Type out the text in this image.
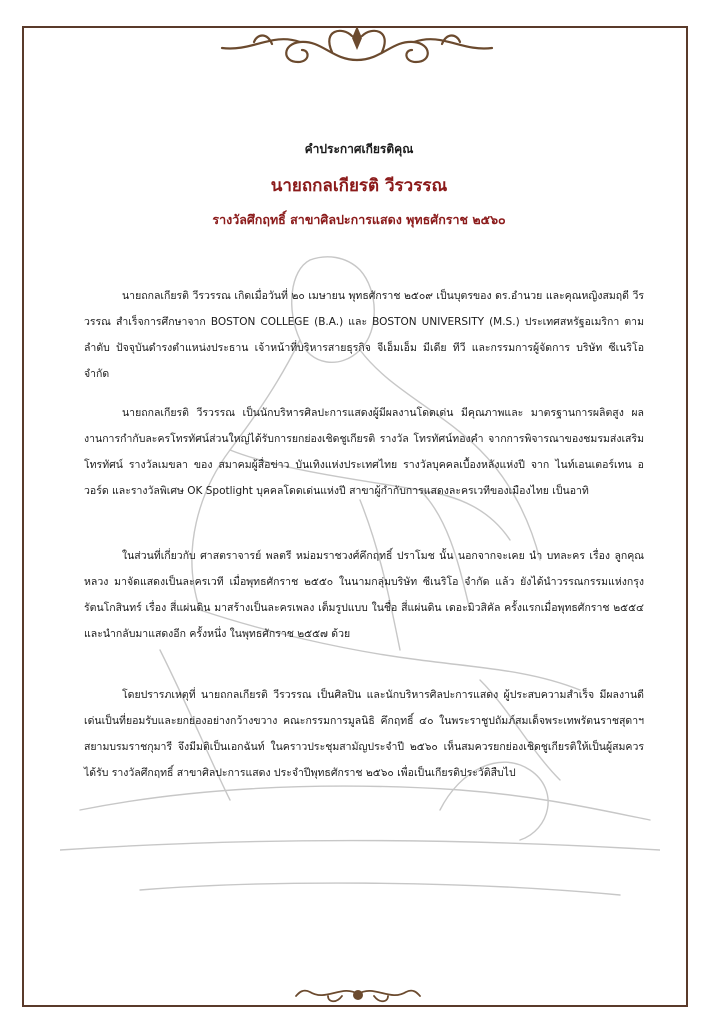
คำประกาศเกียรติคุณ
นายถกลเกียรติ วีรวรรณ
รางวัลศึกฤทธิ์ สาขาศิลปะการแสดง พุทธศักราช ๒๕๖๐

นายถกลเกียรติ วีรวรรณ เกิดเมื่อวันที่ ๒๐ เมษายน พุทธศักราช ๒๕๐๙ เป็นบุตรของ ดร.อำนวย และคุณหญิงสมฤดี วีรวรรณ สำเร็จการศึกษาจาก BOSTON COLLEGE (B.A.) และ BOSTON UNIVERSITY (M.S.) ประเทศสหรัฐอเมริกา ตามลำดับ ปัจจุบันดำรงตำแหน่งประธาน เจ้าหน้าที่บริหารสายธุรกิจ จีเอ็มเอ็ม มีเดีย ทีวี และกรรมการผู้จัดการ บริษัท ซีเนริโอ จำกัด

นายถกลเกียรติ วีรวรรณ เป็นนักบริหารศิลปะการแสดงผู้มีผลงานโดดเด่น มีคุณภาพและ มาตรฐานการผลิตสูง ผลงานการกำกับละครโทรทัศน์ส่วนใหญ่ได้รับการยกย่องเชิดชูเกียรติ รางวัล โทรทัศน์ทองคำ จากการพิจารณาของชมรมส่งเสริมโทรทัศน์ รางวัลเมขลา ของ สมาคมผู้สื่อข่าว บันเทิงแห่งประเทศไทย รางวัลบุคคลเบื้องหลังแห่งปี จาก ไนท์เอนเตอร์เทน อวอร์ด และรางวัลพิเศษ OK Spotlight บุคคลโดดเด่นแห่งปี สาขาผู้กำกับการแสดงละครเวทีของเมืองไทย เป็นอาทิ

ในส่วนที่เกี่ยวกับ ศาสตราจารย์ พลตรี หม่อมราชวงศ์คึกฤทธิ์ ปราโมช นั้น นอกจากจะเคย นำ บทละคร เรื่อง ลูกคุณหลวง มาจัดแสดงเป็นละครเวที เมื่อพุทธศักราช ๒๕๕๐ ในนามกลุ่มบริษัท ซีเนริโอ จำกัด แล้ว ยังได้นำวรรณกรรมแห่งกรุงรัตนโกสินทร์ เรื่อง สี่แผ่นดิน มาสร้างเป็นละครเพลง เต็มรูปแบบ ในชื่อ สี่แผ่นดิน เดอะมิวสิคัล ครั้งแรกเมื่อพุทธศักราช ๒๕๕๔ และนำกลับมาแสดงอีก ครั้งหนึ่ง ในพุทธศักราช ๒๕๕๗ ด้วย

โดยปรารภเหตุที่ นายถกลเกียรติ วีรวรรณ เป็นศิลปิน และนักบริหารศิลปะการแสดง ผู้ประสบความสำเร็จ มีผลงานดีเด่นเป็นที่ยอมรับและยกย่องอย่างกว้างขวาง คณะกรรมการมูลนิธิ คึกฤทธิ์ ๔๐ ในพระราชูปถัมภ์สมเด็จพระเทพรัตนราชสุดาฯ สยามบรมราชกุมารี จึงมีมติเป็นเอกฉันท์ ในคราวประชุมสามัญประจำปี ๒๕๖๐ เห็นสมควรยกย่องเชิดชูเกียรติให้เป็นผู้สมควรได้รับ รางวัลศึกฤทธิ์ สาขาศิลปะการแสดง ประจำปีพุทธศักราช ๒๕๖๐ เพื่อเป็นเกียรติประวัติสืบไป
